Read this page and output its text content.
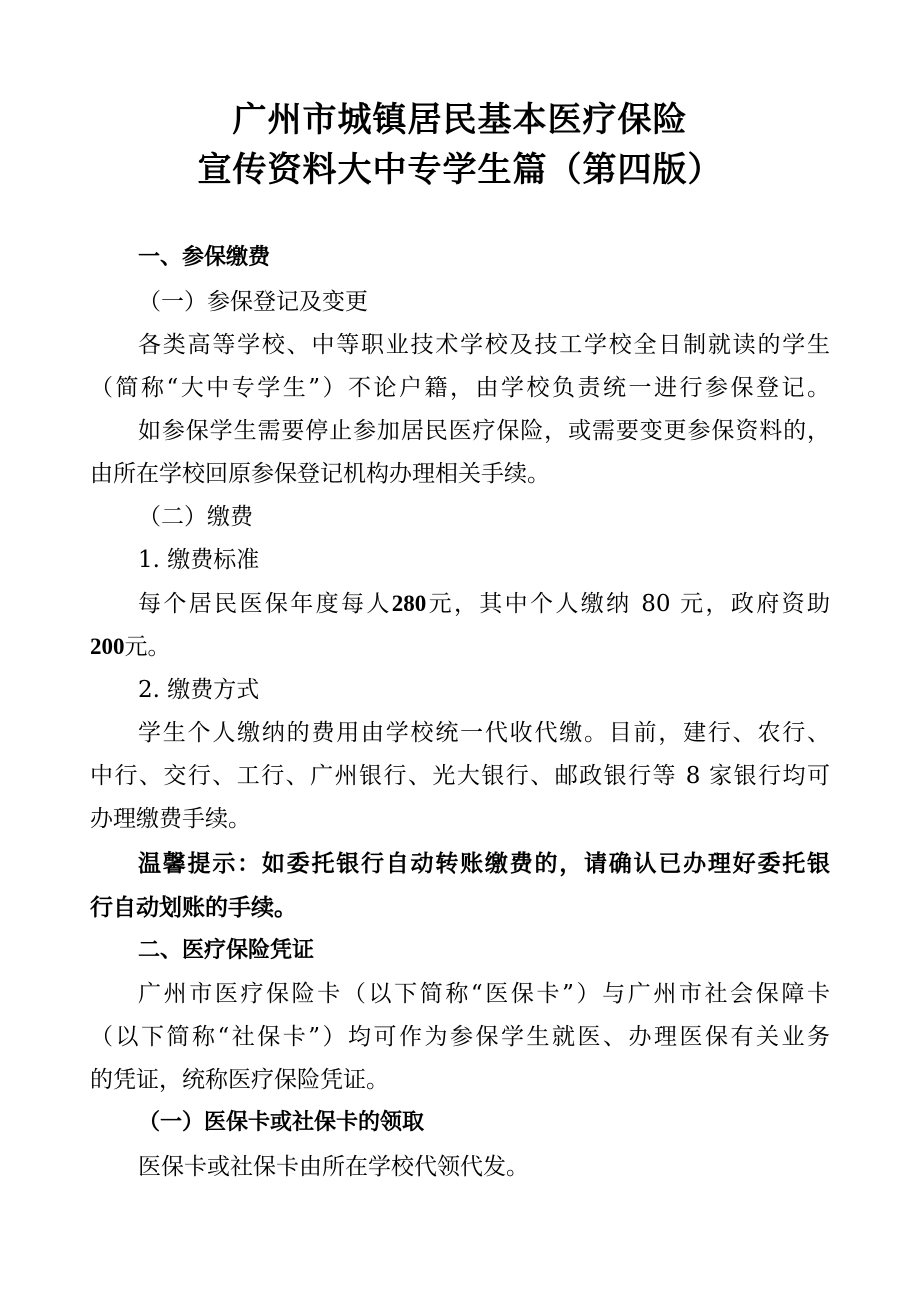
广州市城镇居民基本医疗保险
宣传资料大中专学生篇（第四版）
一、参保缴费
（一）参保登记及变更
各类高等学校、中等职业技术学校及技工学校全日制就读的学生
（简称“大中专学生”）不论户籍，由学校负责统一进行参保登记。
如参保学生需要停止参加居民医疗保险，或需要变更参保资料的，
由所在学校回原参保登记机构办理相关手续。
（二）缴费
1. 缴费标准
每个居民医保年度每人280元，其中个人缴纳 80 元，政府资助
200元。
2. 缴费方式
学生个人缴纳的费用由学校统一代收代缴。目前，建行、农行、
中行、交行、工行、广州银行、光大银行、邮政银行等 8 家银行均可
办理缴费手续。
温馨提示：如委托银行自动转账缴费的，请确认已办理好委托银
行自动划账的手续。
二、医疗保险凭证
广州市医疗保险卡（以下简称“医保卡”）与广州市社会保障卡
（以下简称“社保卡”）均可作为参保学生就医、办理医保有关业务
的凭证，统称医疗保险凭证。
（一）医保卡或社保卡的领取
医保卡或社保卡由所在学校代领代发。
